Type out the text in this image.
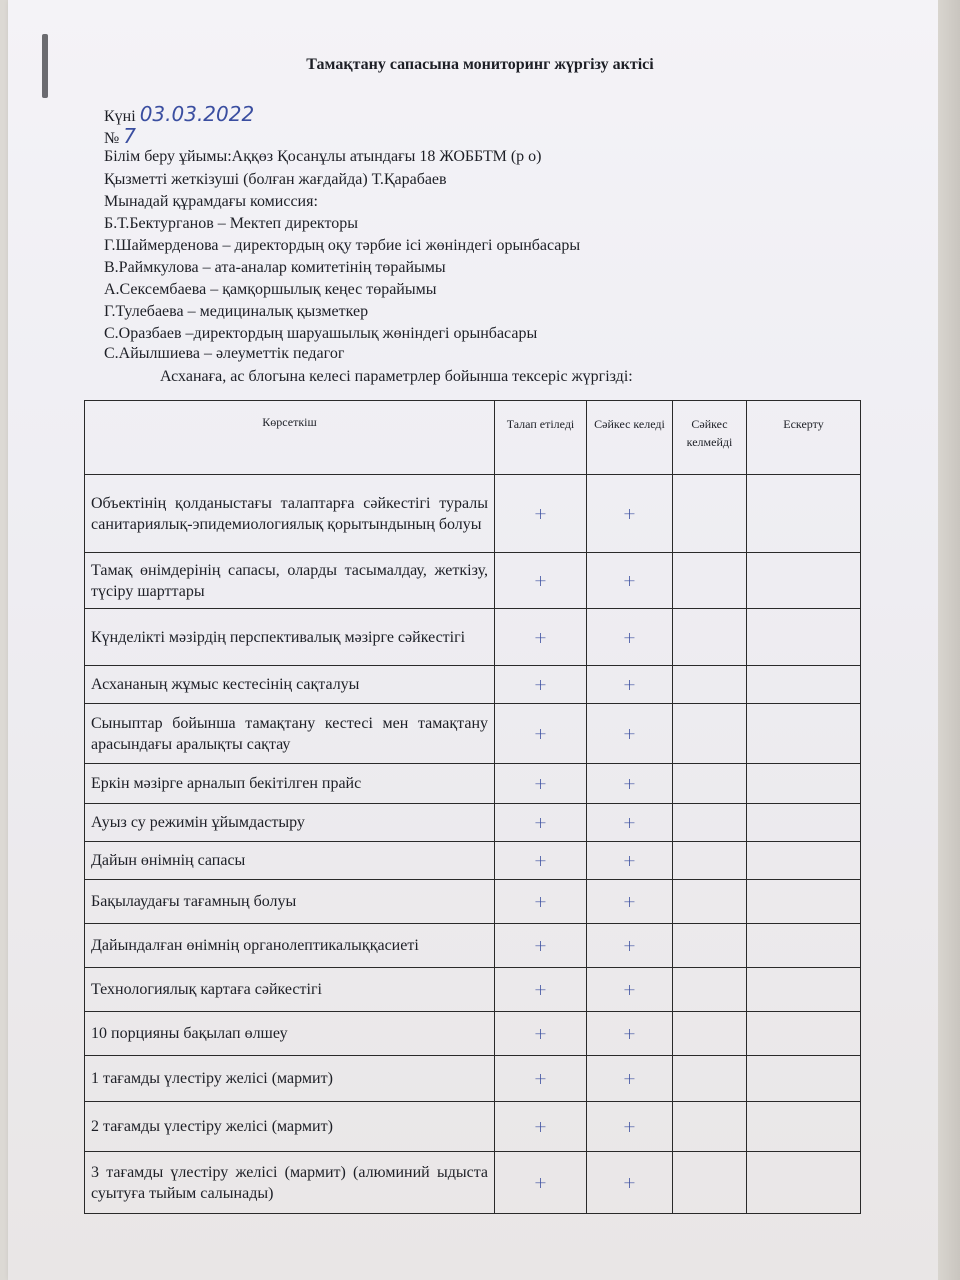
Тамақтану сапасына мониторинг жүргізу актісі
Күні 03.03.2022
№ 7
Білім беру ұйымы:Аққөз Қосанұлы атындағы 18 ЖОББТМ (р о)
Қызметті жеткізуші (болған жағдайда) Т.Қарабаев
Мынадай құрамдағы комиссия:
Б.Т.Бектурганов – Мектеп директоры
Г.Шаймерденова – директордың оқу тәрбие ісі жөніндегі орынбасары
В.Раймкулова – ата-аналар комитетінің төрайымы
А.Сексембаева – қамқоршылық кеңес төрайымы
Г.Тулебаева – медициналық қызметкер
С.Оразбаев –директордың шаруашылық жөніндегі орынбасары
С.Айылшиева – әлеуметтік педагог
Асханаға, ас блогына келесі параметрлер бойынша тексеріс жүргізді:
Көрсеткіш	Талап етіледі	Сәйкес келеді	Сәйкес келмейді	Ескерту
Объектінің қолданыстағы талаптарға сәйкестігі туралы санитариялық-эпидемиологиялық қорытындының болуы	+	+		
Тамақ өнімдерінің сапасы, оларды тасымалдау, жеткізу, түсіру шарттары	+	+		
Күнделікті мәзірдің перспективалық мәзірге сәйкестігі	+	+		
Асхананың жұмыс кестесінің сақталуы	+	+		
Сыныптар бойынша тамақтану кестесі мен тамақтану арасындағы аралықты сақтау	+	+		
Еркін мәзірге арналып бекітілген прайс	+	+		
Ауыз су режимін ұйымдастыру	+	+		
Дайын өнімнің сапасы	+	+		
Бақылаудағы тағамның болуы	+	+		
Дайындалған өнімнің органолептикалыққасиеті	+	+		
Технологиялық картаға сәйкестігі	+	+		
10 порцияны бақылап өлшеу	+	+		
1 тағамды үлестіру желісі (мармит)	+	+		
2 тағамды үлестіру желісі (мармит)	+	+		
3 тағамды үлестіру желісі (мармит) (алюминий ыдыста суытуға тыйым салынады)	+	+		
